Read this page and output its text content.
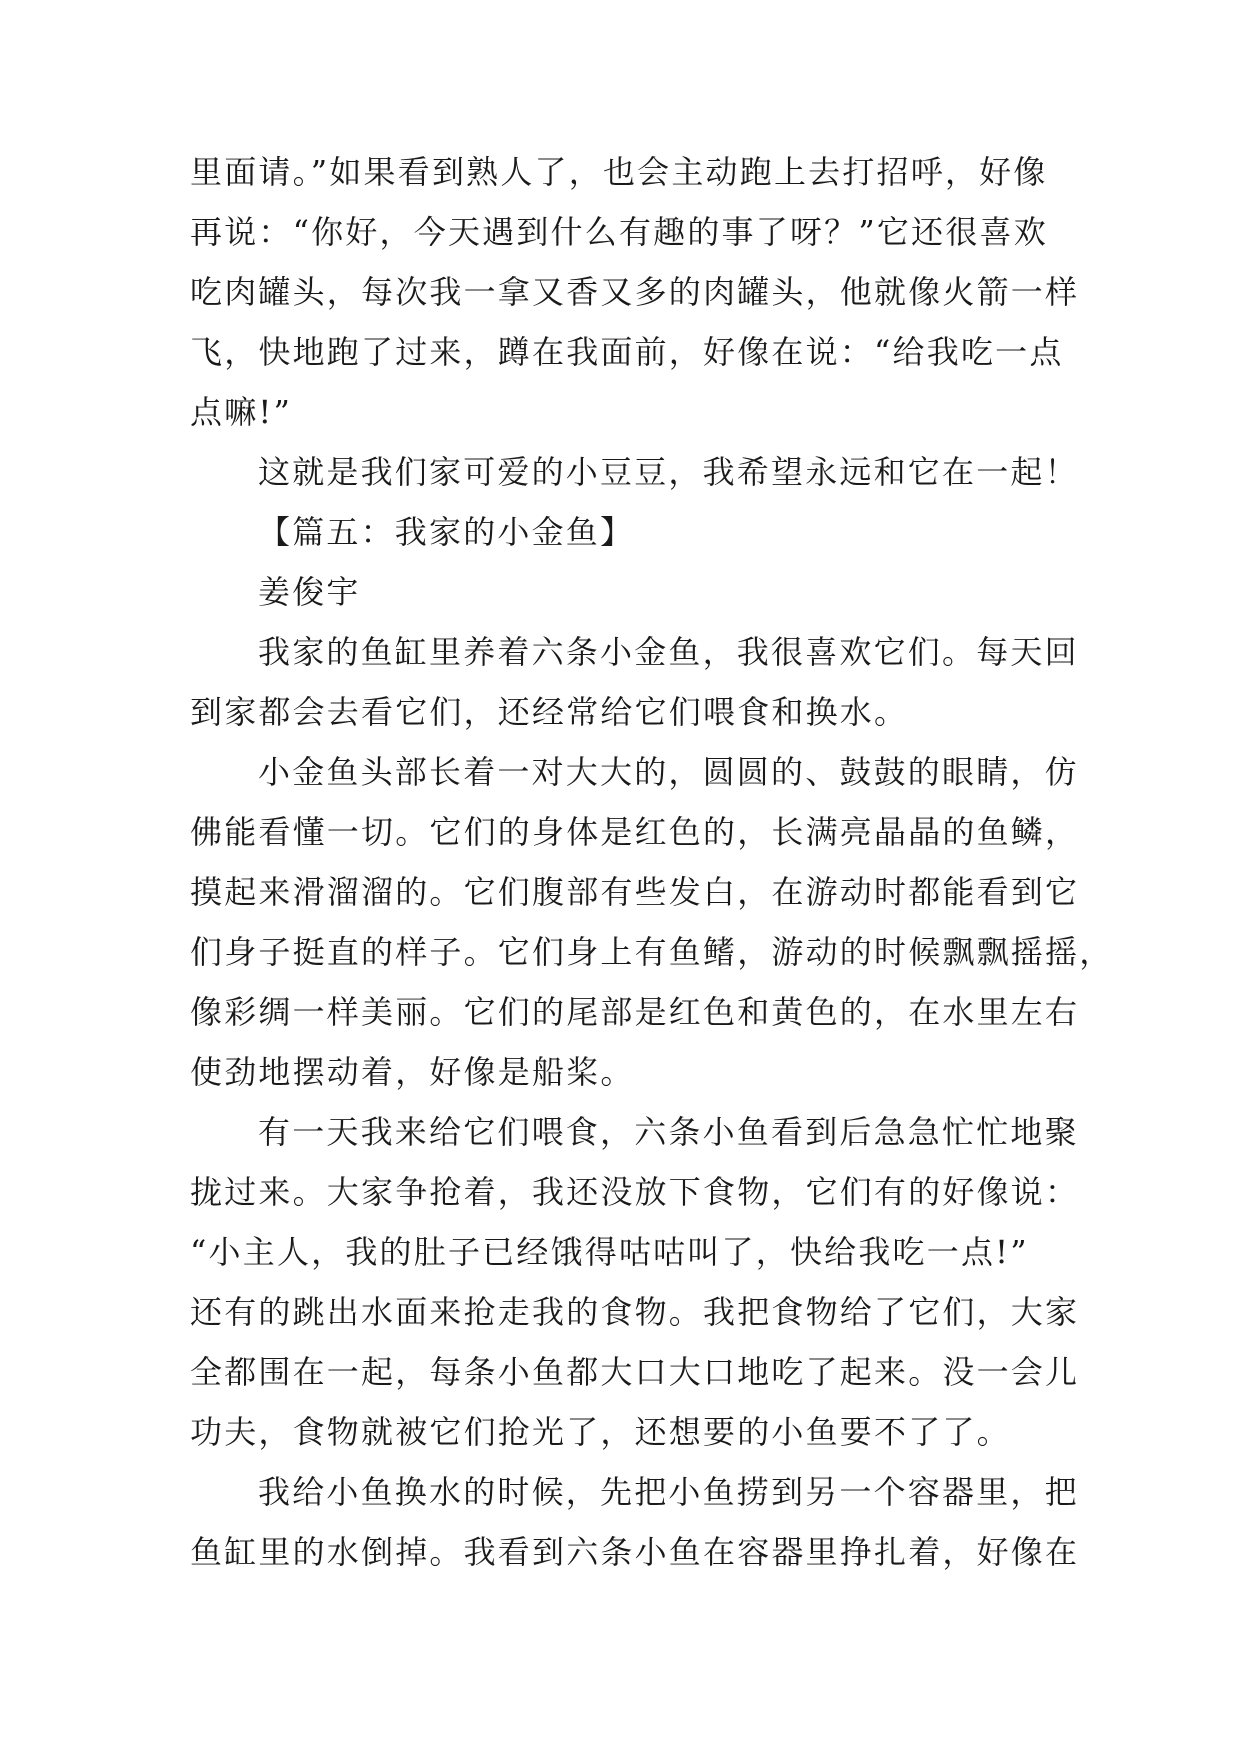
里面请。”如果看到熟人了，也会主动跑上去打招呼，好像
再说：“你好，今天遇到什么有趣的事了呀？”它还很喜欢
吃肉罐头，每次我一拿又香又多的肉罐头，他就像火箭一样
飞，快地跑了过来，蹲在我面前，好像在说：“给我吃一点
点嘛!”
这就是我们家可爱的小豆豆，我希望永远和它在一起！
【篇五：我家的小金鱼】
姜俊宇
我家的鱼缸里养着六条小金鱼，我很喜欢它们。每天回
到家都会去看它们，还经常给它们喂食和换水。
小金鱼头部长着一对大大的，圆圆的、鼓鼓的眼睛，仿
佛能看懂一切。它们的身体是红色的，长满亮晶晶的鱼鳞，
摸起来滑溜溜的。它们腹部有些发白，在游动时都能看到它
们身子挺直的样子。它们身上有鱼鳍，游动的时候飘飘摇摇，
像彩绸一样美丽。它们的尾部是红色和黄色的，在水里左右
使劲地摆动着，好像是船桨。
有一天我来给它们喂食，六条小鱼看到后急急忙忙地聚
拢过来。大家争抢着，我还没放下食物，它们有的好像说：
“小主人，我的肚子已经饿得咕咕叫了，快给我吃一点!”
还有的跳出水面来抢走我的食物。我把食物给了它们，大家
全都围在一起，每条小鱼都大口大口地吃了起来。没一会儿
功夫，食物就被它们抢光了，还想要的小鱼要不了了。
我给小鱼换水的时候，先把小鱼捞到另一个容器里，把
鱼缸里的水倒掉。我看到六条小鱼在容器里挣扎着，好像在
